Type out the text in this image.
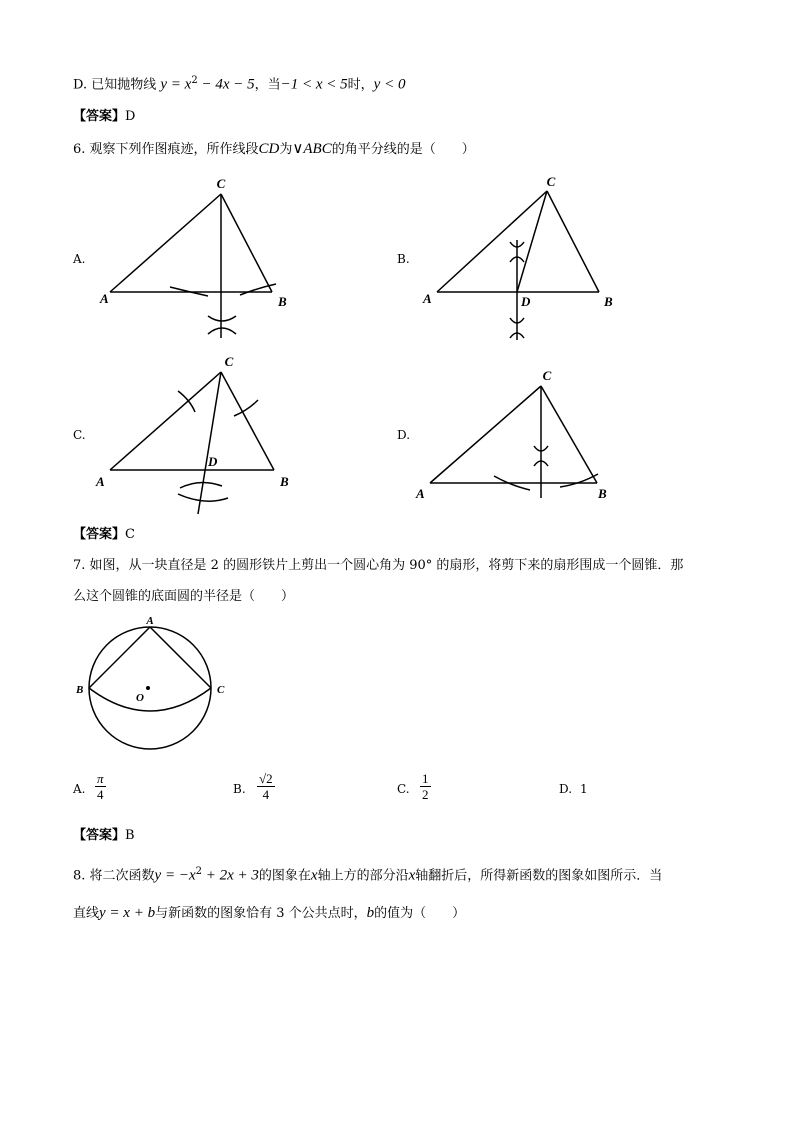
D. 已知抛物线 $y = x^2 - 4x - 5$，当−1 < x < 5时，y < 0
【答案】D
6. 观察下列作图痕迹，所作线段CD为∨ABC的角平分线的是（　　）
A.	B.
C.	D.
C
A	B
C
A	B
D
C
A	B
D
C
A	B
【答案】C
7. 如图，从一块直径是 2 的圆形铁片上剪出一个圆心角为 90° 的扇形，将剪下来的扇形围成一个圆锥．那
么这个圆锥的底面圆的半径是（　　）
A
B	C
O
A.
π
4	B.
√2
4	C.
1
2	D. 1
【答案】B
8. 将二次函数$y = -x^2 + 2x + 3$的图象在x轴上方的部分沿x轴翻折后，所得新函数的图象如图所示．当
直线y = x + b与新函数的图象恰有 3 个公共点时，b的值为（　　）
